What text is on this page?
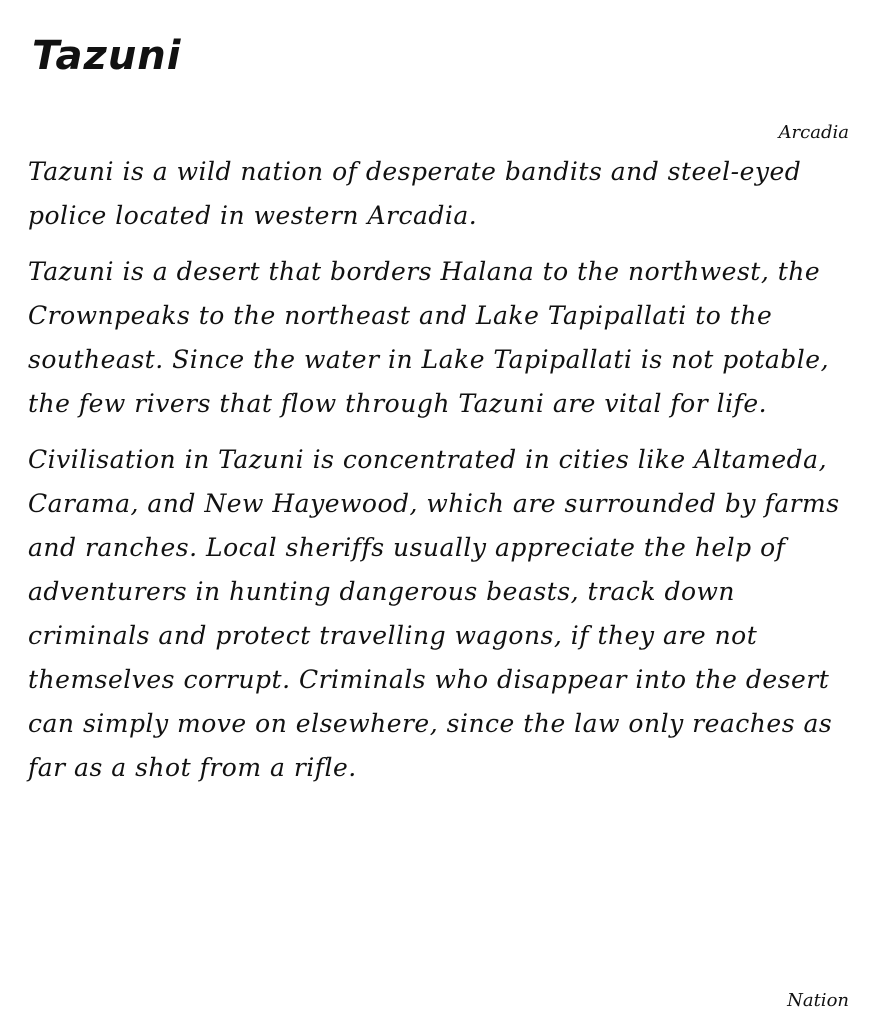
Tazuni
Arcadia

Tazuni is a wild nation of desperate bandits and steel-eyed police located in western Arcadia.

Tazuni is a desert that borders Halana to the northwest, the Crownpeaks to the northeast and Lake Tapipallati to the southeast. Since the water in Lake Tapipallati is not potable, the few rivers that flow through Tazuni are vital for life.

Civilisation in Tazuni is concentrated in cities like Altameda, Carama, and New Hayewood, which are surrounded by farms and ranches. Local sheriffs usually appreciate the help of adventurers in hunting dangerous beasts, track down criminals and protect travelling wagons, if they are not themselves corrupt. Criminals who disappear into the desert can simply move on elsewhere, since the law only reaches as far as a shot from a rifle.

Nation
